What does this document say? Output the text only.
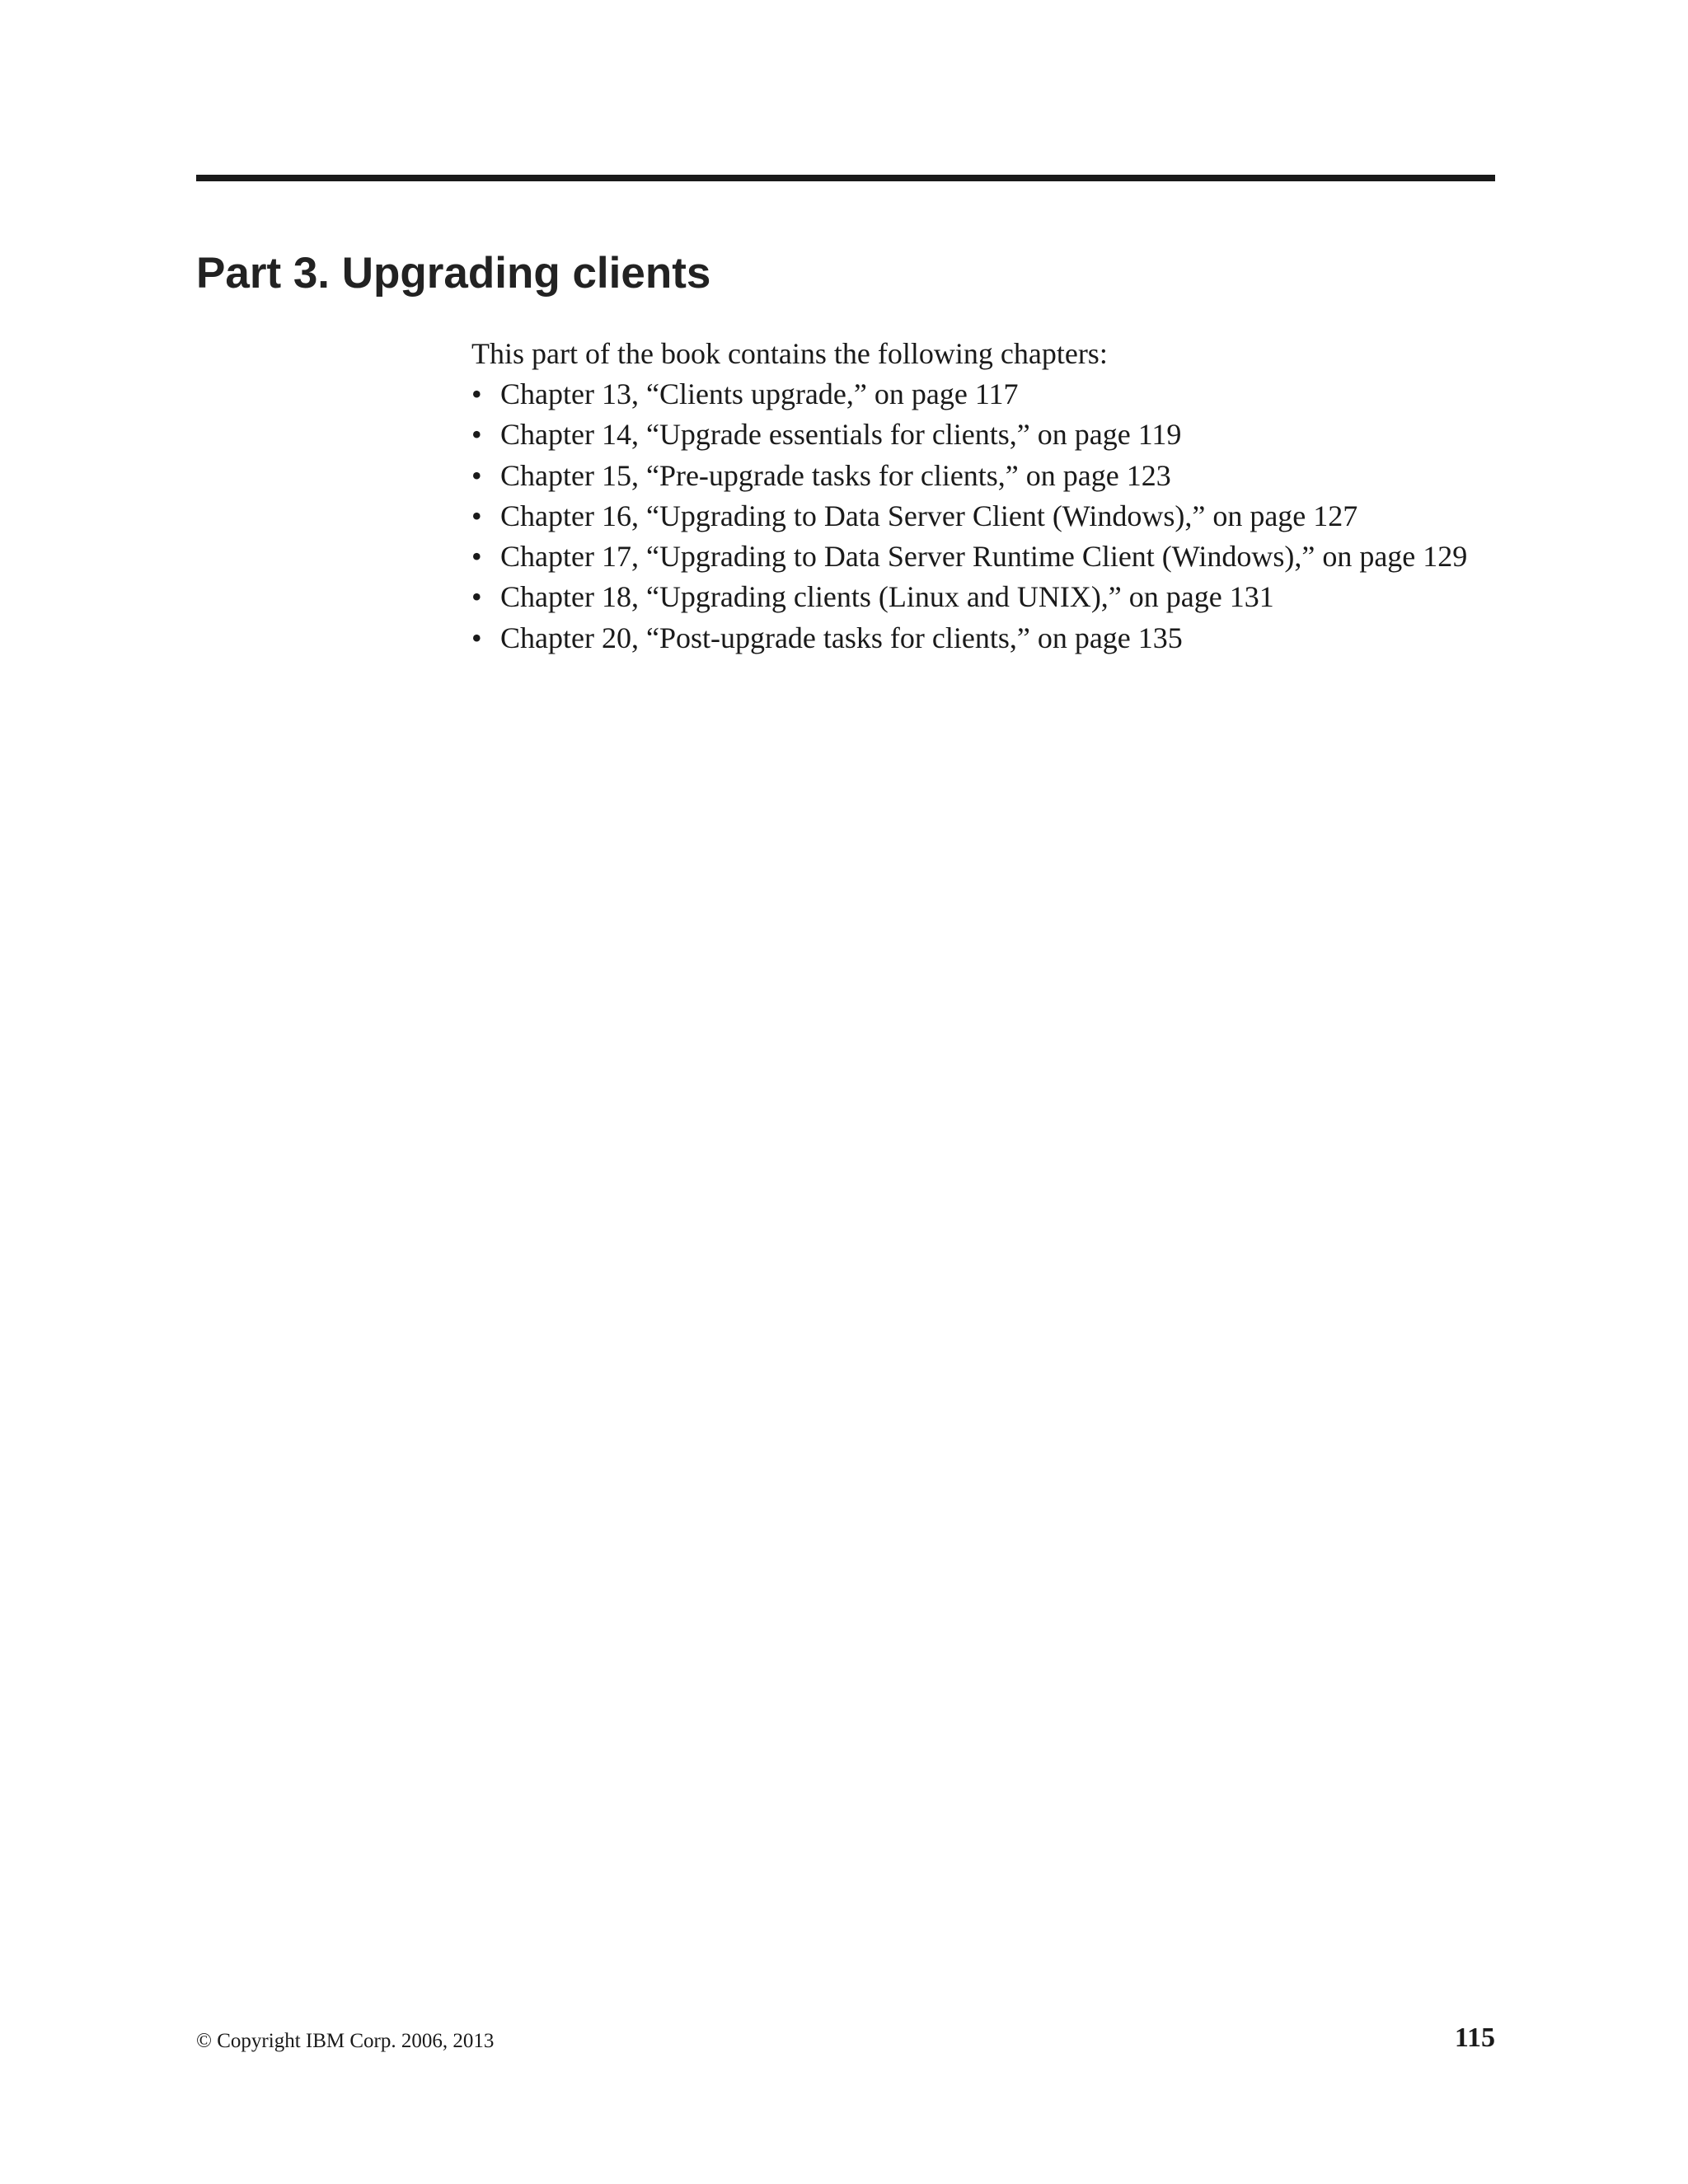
Part 3. Upgrading clients

This part of the book contains the following chapters:

• Chapter 13, “Clients upgrade,” on page 117
• Chapter 14, “Upgrade essentials for clients,” on page 119
• Chapter 15, “Pre-upgrade tasks for clients,” on page 123
• Chapter 16, “Upgrading to Data Server Client (Windows),” on page 127
• Chapter 17, “Upgrading to Data Server Runtime Client (Windows),” on page 129
• Chapter 18, “Upgrading clients (Linux and UNIX),” on page 131
• Chapter 20, “Post-upgrade tasks for clients,” on page 135
© Copyright IBM Corp. 2006, 2013	115
